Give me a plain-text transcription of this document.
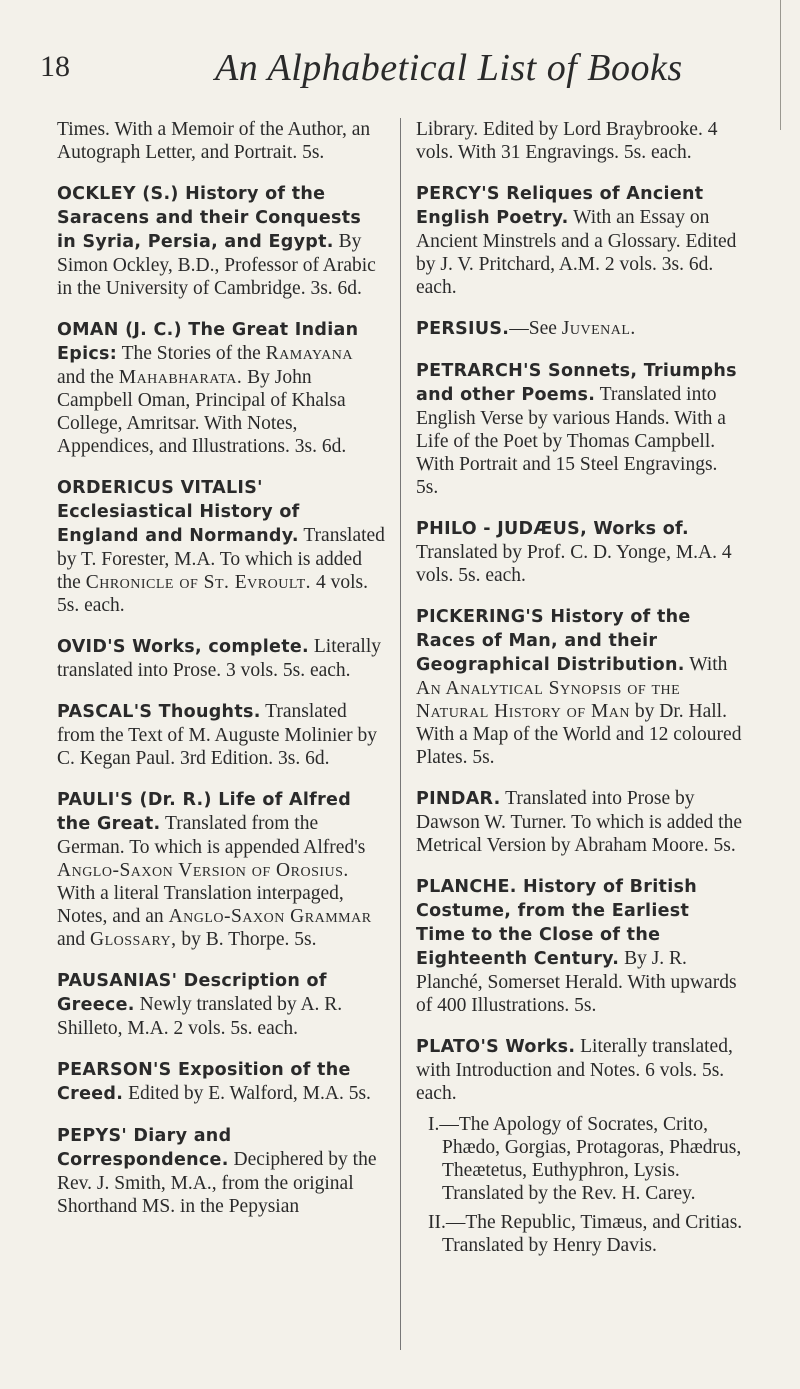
18	An Alphabetical List of Books

Times. With a Memoir of the Author, an Autograph Letter, and Portrait. 5s.

OCKLEY (S.) History of the Saracens and their Conquests in Syria, Persia, and Egypt. By Simon Ockley, B.D., Professor of Arabic in the University of Cambridge. 3s. 6d.

OMAN (J. C.) The Great Indian Epics: The Stories of the Ramayana and the Mahabharata. By John Campbell Oman, Principal of Khalsa College, Amritsar. With Notes, Appendices, and Illustrations. 3s. 6d.

ORDERICUS VITALIS' Ecclesiastical History of England and Normandy. Translated by T. Forester, M.A. To which is added the Chronicle of St. Evroult. 4 vols. 5s. each.

OVID'S Works, complete. Literally translated into Prose. 3 vols. 5s. each.

PASCAL'S Thoughts. Translated from the Text of M. Auguste Molinier by C. Kegan Paul. 3rd Edition. 3s. 6d.

PAULI'S (Dr. R.) Life of Alfred the Great. Translated from the German. To which is appended Alfred's Anglo-Saxon Version of Orosius. With a literal Translation interpaged, Notes, and an Anglo-Saxon Grammar and Glossary, by B. Thorpe. 5s.

PAUSANIAS' Description of Greece. Newly translated by A. R. Shilleto, M.A. 2 vols. 5s. each.

PEARSON'S Exposition of the Creed. Edited by E. Walford, M.A. 5s.

PEPYS' Diary and Correspondence. Deciphered by the Rev. J. Smith, M.A., from the original Shorthand MS. in the Pepysian

Library. Edited by Lord Braybrooke. 4 vols. With 31 Engravings. 5s. each.

PERCY'S Reliques of Ancient English Poetry. With an Essay on Ancient Minstrels and a Glossary. Edited by J. V. Pritchard, A.M. 2 vols. 3s. 6d. each.

PERSIUS.—See Juvenal.

PETRARCH'S Sonnets, Triumphs and other Poems. Translated into English Verse by various Hands. With a Life of the Poet by Thomas Campbell. With Portrait and 15 Steel Engravings. 5s.

PHILO - JUDÆUS, Works of. Translated by Prof. C. D. Yonge, M.A. 4 vols. 5s. each.

PICKERING'S History of the Races of Man, and their Geographical Distribution. With An Analytical Synopsis of the Natural History of Man by Dr. Hall. With a Map of the World and 12 coloured Plates. 5s.

PINDAR. Translated into Prose by Dawson W. Turner. To which is added the Metrical Version by Abraham Moore. 5s.

PLANCHE. History of British Costume, from the Earliest Time to the Close of the Eighteenth Century. By J. R. Planché, Somerset Herald. With upwards of 400 Illustrations. 5s.

PLATO'S Works. Literally translated, with Introduction and Notes. 6 vols. 5s. each.

I.—The Apology of Socrates, Crito, Phædo, Gorgias, Protagoras, Phædrus, Theætetus, Euthyphron, Lysis. Translated by the Rev. H. Carey.

II.—The Republic, Timæus, and Critias. Translated by Henry Davis.
